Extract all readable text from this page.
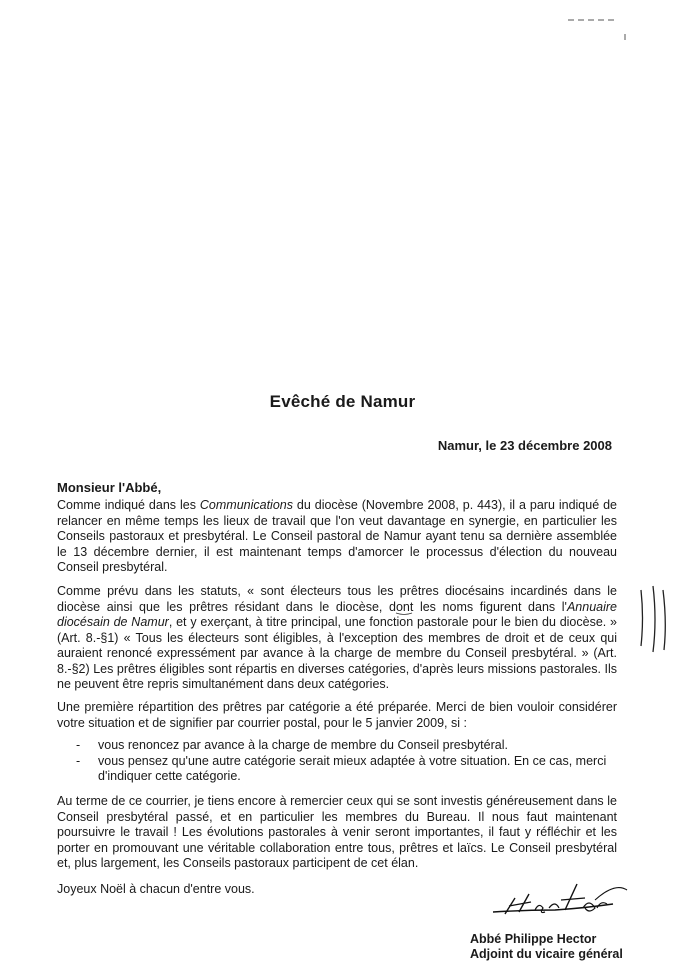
Evêché de Namur
Namur, le 23 décembre 2008
Monsieur l'Abbé,
Comme indiqué dans les Communications du diocèse (Novembre 2008, p. 443), il a paru indiqué de relancer en même temps les lieux de travail que l'on veut davantage en synergie, en particulier les Conseils pastoraux et presbytéral. Le Conseil pastoral de Namur ayant tenu sa dernière assemblée le 13 décembre dernier, il est maintenant temps d'amorcer le processus d'élection du nouveau Conseil presbytéral.
Comme prévu dans les statuts, « sont électeurs tous les prêtres diocésains incardinés dans le diocèse ainsi que les prêtres résidant dans le diocèse, dont les noms figurent dans l'Annuaire diocésain de Namur, et y exerçant, à titre principal, une fonction pastorale pour le bien du diocèse. » (Art. 8.-§1) « Tous les électeurs sont éligibles, à l'exception des membres de droit et de ceux qui auraient renoncé expressément par avance à la charge de membre du Conseil presbytéral. » (Art. 8.-§2) Les prêtres éligibles sont répartis en diverses catégories, d'après leurs missions pastorales. Ils ne peuvent être repris simultanément dans deux catégories.
Une première répartition des prêtres par catégorie a été préparée. Merci de bien vouloir considérer votre situation et de signifier par courrier postal, pour le 5 janvier 2009, si :
- vous renoncez par avance à la charge de membre du Conseil presbytéral.
- vous pensez qu'une autre catégorie serait mieux adaptée à votre situation. En ce cas, merci d'indiquer cette catégorie.
Au terme de ce courrier, je tiens encore à remercier ceux qui se sont investis généreusement dans le Conseil presbytéral passé, et en particulier les membres du Bureau. Il nous faut maintenant poursuivre le travail ! Les évolutions pastorales à venir seront importantes, il faut y réfléchir et les porter en promouvant une véritable collaboration entre tous, prêtres et laïcs. Le Conseil presbytéral et, plus largement, les Conseils pastoraux participent de cet élan.
Joyeux Noël à chacun d'entre vous.
Abbé Philippe Hector
Adjoint du vicaire général
